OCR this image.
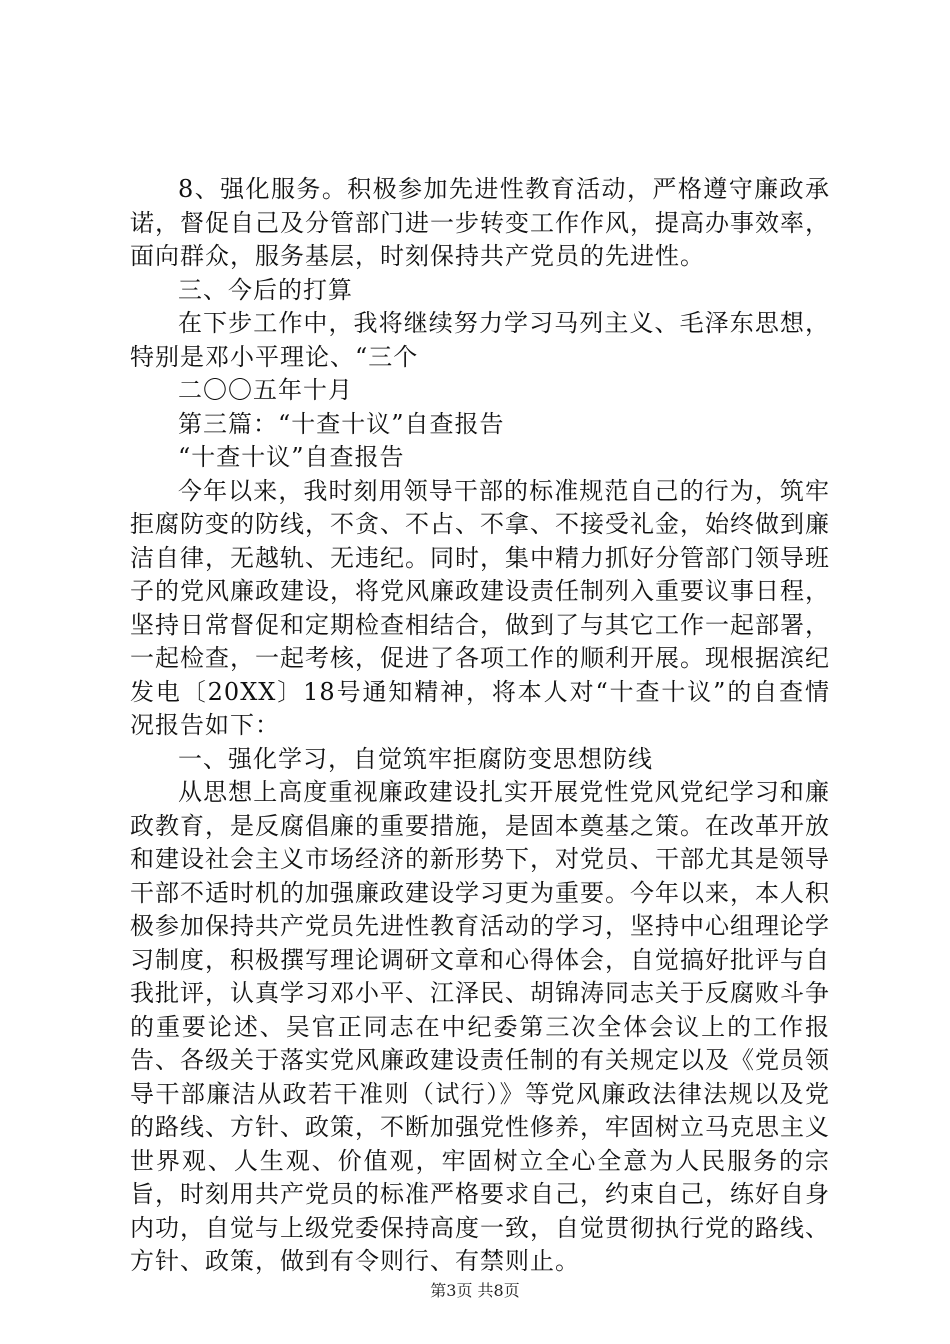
8、强化服务。积极参加先进性教育活动，严格遵守廉政承诺，督促自己及分管部门进一步转变工作作风，提高办事效率，面向群众，服务基层，时刻保持共产党员的先进性。

三、今后的打算

在下步工作中，我将继续努力学习马列主义、毛泽东思想，特别是邓小平理论、“三个

二〇〇五年十月

第三篇：“十查十议”自查报告

“十查十议”自查报告

今年以来，我时刻用领导干部的标准规范自己的行为，筑牢拒腐防变的防线，不贪、不占、不拿、不接受礼金，始终做到廉洁自律，无越轨、无违纪。同时，集中精力抓好分管部门领导班子的党风廉政建设，将党风廉政建设责任制列入重要议事日程，坚持日常督促和定期检查相结合，做到了与其它工作一起部署，一起检查，一起考核，促进了各项工作的顺利开展。现根据滨纪发电〔20XX〕18号通知精神，将本人对“十查十议”的自查情况报告如下：

一、强化学习，自觉筑牢拒腐防变思想防线

从思想上高度重视廉政建设扎实开展党性党风党纪学习和廉政教育，是反腐倡廉的重要措施，是固本奠基之策。在改革开放和建设社会主义市场经济的新形势下，对党员、干部尤其是领导干部不适时机的加强廉政建设学习更为重要。今年以来，本人积极参加保持共产党员先进性教育活动的学习，坚持中心组理论学习制度，积极撰写理论调研文章和心得体会，自觉搞好批评与自我批评，认真学习邓小平、江泽民、胡锦涛同志关于反腐败斗争的重要论述、吴官正同志在中纪委第三次全体会议上的工作报告、各级关于落实党风廉政建设责任制的有关规定以及《党员领导干部廉洁从政若干准则（试行）》等党风廉政法律法规以及党的路线、方针、政策，不断加强党性修养，牢固树立马克思主义世界观、人生观、价值观，牢固树立全心全意为人民服务的宗旨，时刻用共产党员的标准严格要求自己，约束自己，练好自身内功，自觉与上级党委保持高度一致，自觉贯彻执行党的路线、方针、政策，做到有令则行、有禁则止。

第3页 共8页
